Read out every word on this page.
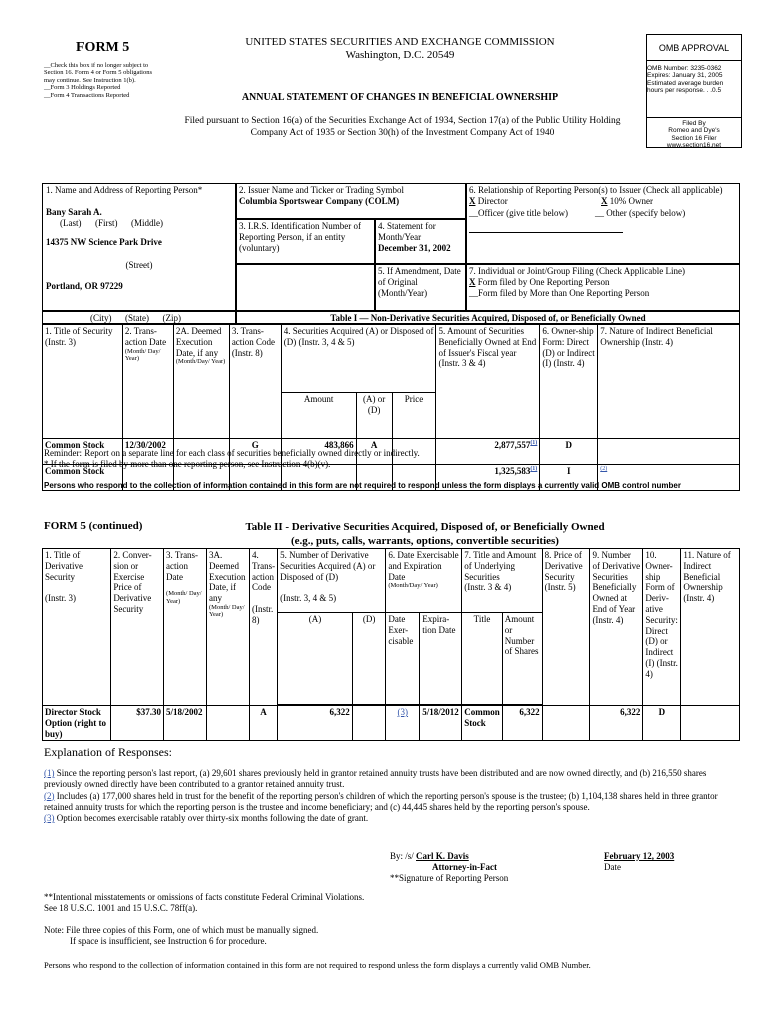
FORM 5
__Check this box if no longer subject to Section 16. Form 4 or Form 5 obligations may continue. See Instruction 1(b).
__Form 3 Holdings Reported
__Form 4 Transactions Reported
UNITED STATES SECURITIES AND EXCHANGE COMMISSION
Washington, D.C. 20549
ANNUAL STATEMENT OF CHANGES IN BENEFICIAL OWNERSHIP
Filed pursuant to Section 16(a) of the Securities Exchange Act of 1934, Section 17(a) of the Public Utility Holding Company Act of 1935 or Section 30(h) of the Investment Company Act of 1940
OMB APPROVAL
OMB Number: 3235-0362
Expires: January 31, 2005
Estimated average burden
hours per response. . .0.5
Filed By
Romeo and Dye's
Section 16 Filer
www.section16.net
1. Name and Address of Reporting Person*
Bany Sarah A.
(Last)      (First)      (Middle)
14375 NW Science Park Drive
(Street)
Portland, OR 97229
(City)      (State)      (Zip)
2. Issuer Name and Ticker or Trading Symbol
Columbia Sportswear Company (COLM)
3. I.R.S. Identification Number of Reporting Person, if an entity (voluntary)
4. Statement for Month/Year
December 31, 2002
5. If Amendment, Date of Original (Month/Year)
6. Relationship of Reporting Person(s) to Issuer (Check all applicable)
X Director	X 10% Owner
__Officer (give title below)	__ Other (specify below)
7. Individual or Joint/Group Filing (Check Applicable Line)
X Form filed by One Reporting Person
__Form filed by More than One Reporting Person
Table I — Non-Derivative Securities Acquired, Disposed of, or Beneficially Owned
1. Title of Security (Instr. 3)	2. Trans-action Date
(Month/ Day/ Year)	2A. Deemed Execution Date, if any
(Month/Day/ Year)	3. Trans-action Code (Instr. 8)	4. Securities Acquired (A) or Disposed of (D) (Instr. 3, 4 & 5)			5. Amount of Securities Beneficially Owned at End of Issuer's Fiscal year (Instr. 3 & 4)	6. Owner-ship Form: Direct (D) or Indirect (I) (Instr. 4)	7. Nature of Indirect Beneficial Ownership (Instr. 4)
				Amount	(A) or (D)	Price			
Common Stock	12/30/2002		G	483,866	A		2,877,557$^{(1)}$	D	
Common Stock							1,325,583$^{(1)}$	I	$^{(2)}$
Reminder: Report on a separate line for each class of securities beneficially owned directly or indirectly.
* If the form is filed by more than one reporting person, see Instruction 4(b)(v).
Persons who respond to the collection of information contained in this form are not required to respond unless the form displays a currently valid OMB control number
FORM 5 (continued)	Table II - Derivative Securities Acquired, Disposed of, or Beneficially Owned
(e.g., puts, calls, warrants, options, convertible securities)
1. Title of Derivative Security

(Instr. 3)	2. Conver-sion or Exercise Price of Derivative Security	3. Trans-action Date
(Month/ Day/ Year)	3A. Deemed Execution Date, if any
(Month/ Day/ Year)	4. Trans-action Code

(Instr. 8)	5. Number of Derivative Securities Acquired (A) or Disposed of (D)

(Instr. 3, 4 & 5)		6. Date Exercisable and Expiration Date
(Month/Day/ Year)		7. Title and Amount of Underlying Securities
(Instr. 3 & 4)		8. Price of Derivative Security (Instr. 5)	9. Number of Derivative Securities Beneficially Owned at End of Year (Instr. 4)	10. Owner-ship Form of Deriv-ative Security: Direct (D) or Indirect (I) (Instr. 4)	11. Nature of Indirect Beneficial Ownership (Instr. 4)
					(A)	(D)	Date Exer-cisable	Expira-tion Date	Title	Amount or Number of Shares				

Director Stock Option (right to buy)	$37.30	5/18/2002		A	6,322		(3)	5/18/2012	Common Stock	6,322		6,322	D	
Explanation of Responses:
(1) Since the reporting person's last report, (a) 29,601 shares previously held in grantor retained annuity trusts have been distributed and are now owned directly, and (b) 216,550 shares previously owned directly have been contributed to a grantor retained annuity trust.
(2) Includes (a) 177,000 shares held in trust for the benefit of the reporting person's children of which the reporting person's spouse is the trustee; (b) 1,104,138 shares held in three grantor retained annuity trusts for which the reporting person is the trustee and income beneficiary; and (c) 44,445 shares held by the reporting person's spouse.
(3) Option becomes exercisable ratably over thirty-six months following the date of grant.
By: /s/ Carl K. Davis
Attorney-in-Fact
**Signature of Reporting Person
February 12, 2003
Date
**Intentional misstatements or omissions of facts constitute Federal Criminal Violations.
See 18 U.S.C. 1001 and 15 U.S.C. 78ff(a).
Note: File three copies of this Form, one of which must be manually signed.
If space is insufficient, see Instruction 6 for procedure.
Persons who respond to the collection of information contained in this form are not required to respond unless the form displays a currently valid OMB Number.
